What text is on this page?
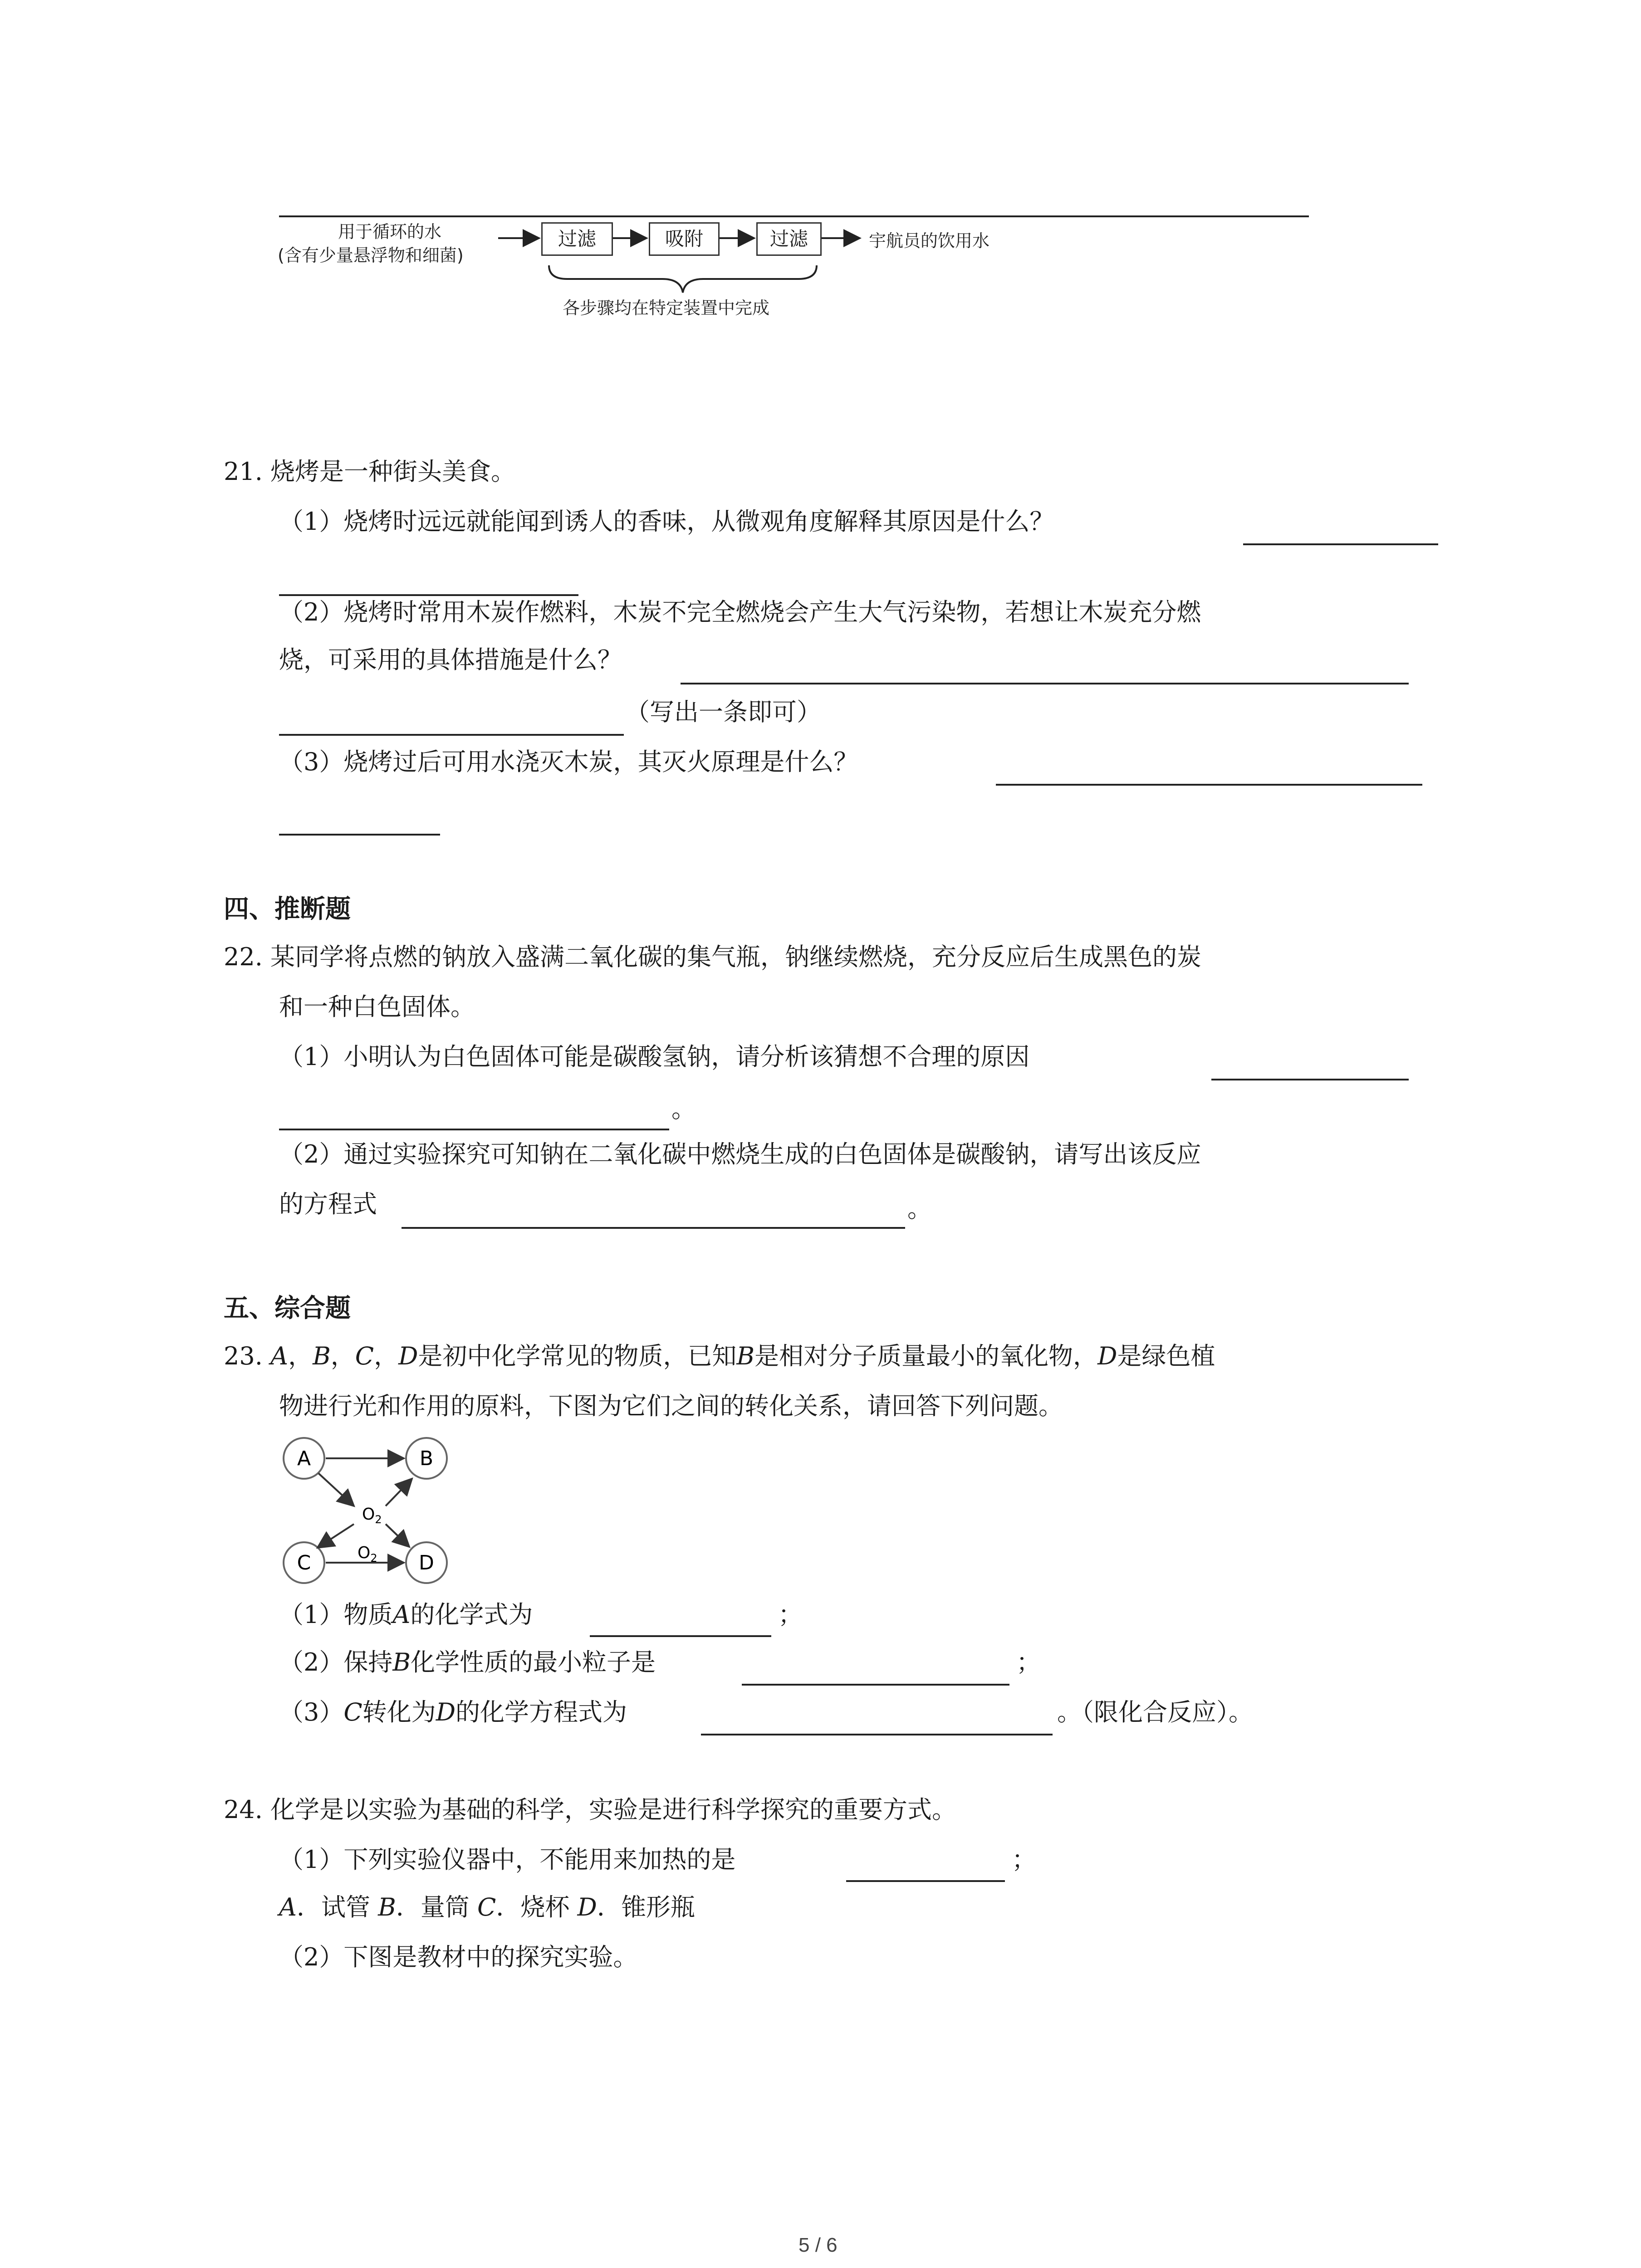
用于循环的水
(含有少量悬浮物和细菌)
过滤	吸附	过滤	宇航员的饮用水
各步骤均在特定装置中完成
21. 烧烤是一种街头美食。
（1）烧烤时远远就能闻到诱人的香味，从微观角度解释其原因是什么？
（2）烧烤时常用木炭作燃料，木炭不完全燃烧会产生大气污染物，若想让木炭充分燃
烧，可采用的具体措施是什么？
（写出一条即可）
（3）烧烤过后可用水浇灭木炭，其灭火原理是什么？
四、推断题
22. 某同学将点燃的钠放入盛满二氧化碳的集气瓶，钠继续燃烧，充分反应后生成黑色的炭
和一种白色固体。
（1）小明认为白色固体可能是碳酸氢钠，请分析该猜想不合理的原因
。
（2）通过实验探究可知钠在二氧化碳中燃烧生成的白色固体是碳酸钠，请写出该反应
的方程式	。
五、综合题
23. A，B，C，D是初中化学常见的物质，已知B是相对分子质量最小的氧化物，D是绿色植
物进行光和作用的原料，下图为它们之间的转化关系，请回答下列问题。
A	B
C	D
$O_2$
$O_2$
（1）物质A的化学式为	；
（2）保持B化学性质的最小粒子是	；
（3）C转化为D的化学方程式为	。（限化合反应）。
24. 化学是以实验为基础的科学，实验是进行科学探究的重要方式。
（1）下列实验仪器中，不能用来加热的是	；
A．试管 B．量筒 C．烧杯 D．锥形瓶
（2）下图是教材中的探究实验。
5 / 6
